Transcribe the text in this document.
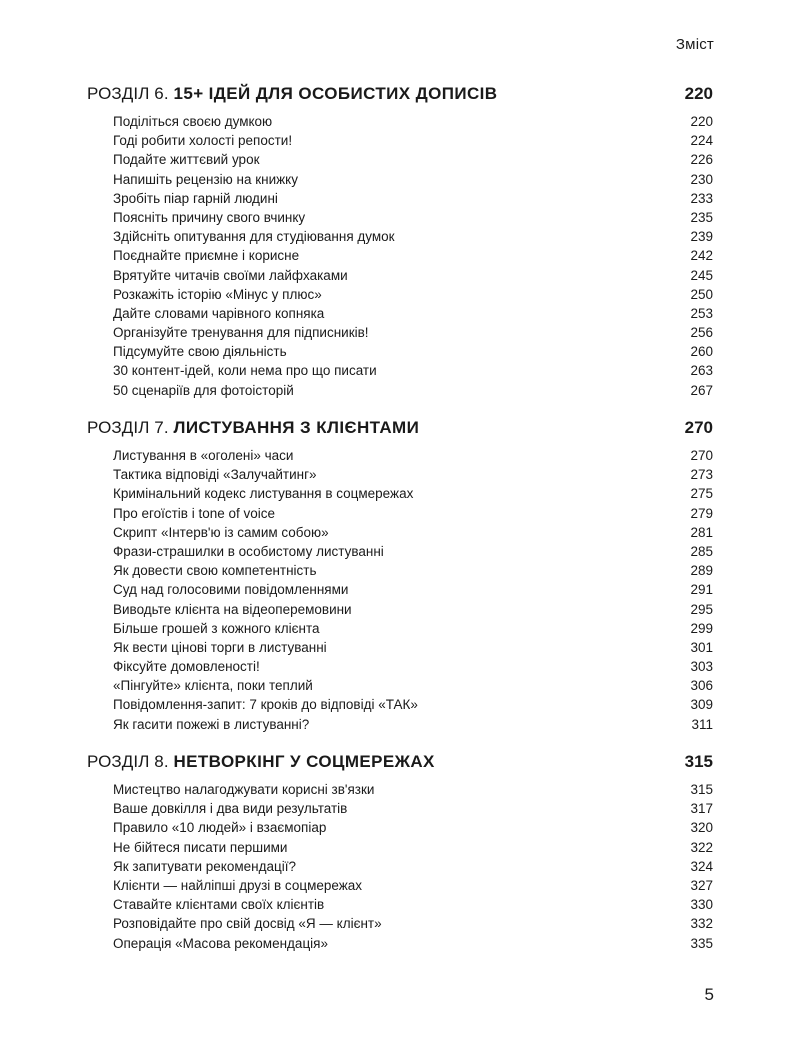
Зміст
РОЗДІЛ 6. 15+ ІДЕЙ ДЛЯ ОСОБИСТИХ ДОПИСІВ	220
Поділіться своєю думкою	220
Годі робити холості репости!	224
Подайте життєвий урок	226
Напишіть рецензію на книжку	230
Зробіть піар гарній людині	233
Поясніть причину свого вчинку	235
Здійсніть опитування для студіювання думок	239
Поєднайте приємне і корисне	242
Врятуйте читачів своїми лайфхаками	245
Розкажіть історію «Мінус у плюс»	250
Дайте словами чарівного копняка	253
Організуйте тренування для підписників!	256
Підсумуйте свою діяльність	260
30 контент-ідей, коли нема про що писати	263
50 сценаріїв для фотоісторій	267
РОЗДІЛ 7. ЛИСТУВАННЯ З КЛІЄНТАМИ	270
Листування в «оголені» часи	270
Тактика відповіді «Залучайтинг»	273
Кримінальний кодекс листування в соцмережах	275
Про егоїстів і tone of voice	279
Скрипт «Інтерв'ю із самим собою»	281
Фрази-страшилки в особистому листуванні	285
Як довести свою компетентність	289
Суд над голосовими повідомленнями	291
Виводьте клієнта на відеоперемовини	295
Більше грошей з кожного клієнта	299
Як вести цінові торги в листуванні	301
Фіксуйте домовленості!	303
«Пінгуйте» клієнта, поки теплий	306
Повідомлення-запит: 7 кроків до відповіді «ТАК»	309
Як гасити пожежі в листуванні?	311
РОЗДІЛ 8. НЕТВОРКІНГ У СОЦМЕРЕЖАХ	315
Мистецтво налагоджувати корисні зв'язки	315
Ваше довкілля і два види результатів	317
Правило «10 людей» і взаємопіар	320
Не бійтеся писати першими	322
Як запитувати рекомендації?	324
Клієнти — найліпші друзі в соцмережах	327
Ставайте клієнтами своїх клієнтів	330
Розповідайте про свій досвід «Я — клієнт»	332
Операція «Масова рекомендація»	335
5
